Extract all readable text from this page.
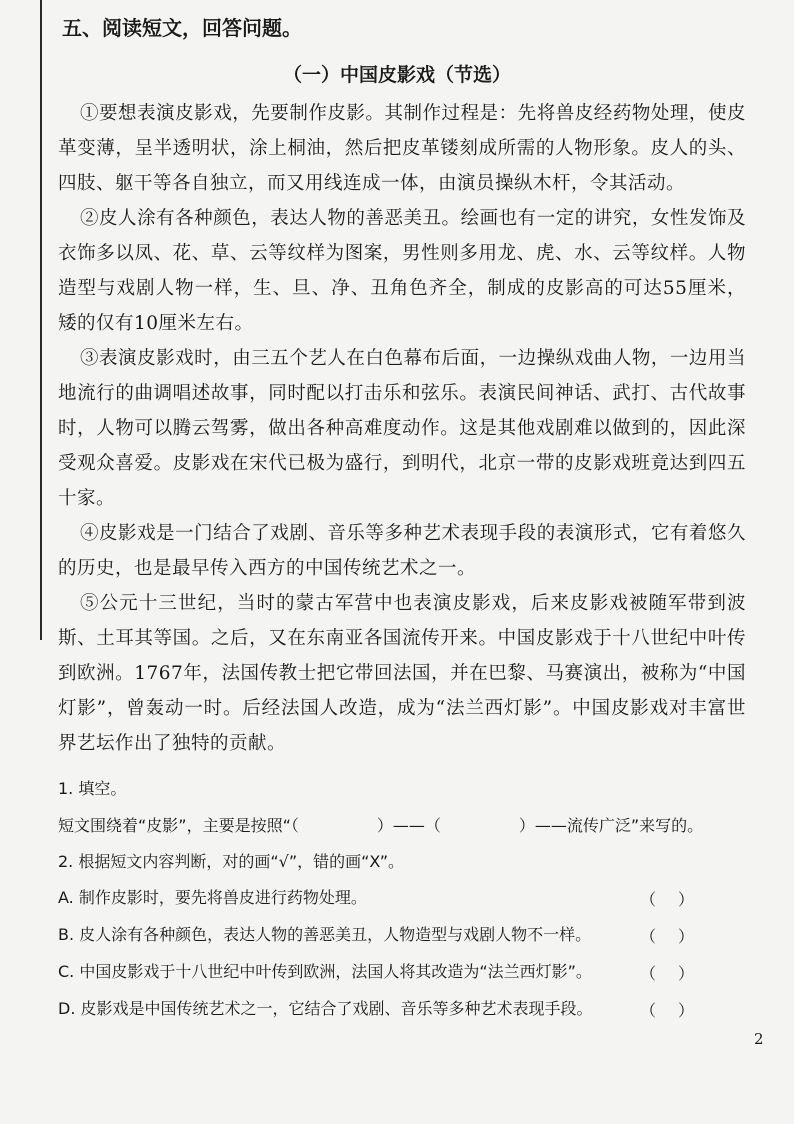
五、阅读短文，回答问题。
（一）中国皮影戏（节选）
①要想表演皮影戏，先要制作皮影。其制作过程是：先将兽皮经药物处理，使皮革变薄，呈半透明状，涂上桐油，然后把皮革镂刻成所需的人物形象。皮人的头、四肢、躯干等各自独立，而又用线连成一体，由演员操纵木杆，令其活动。
②皮人涂有各种颜色，表达人物的善恶美丑。绘画也有一定的讲究，女性发饰及衣饰多以凤、花、草、云等纹样为图案，男性则多用龙、虎、水、云等纹样。人物造型与戏剧人物一样，生、旦、净、丑角色齐全，制成的皮影高的可达55厘米，矮的仅有10厘米左右。
③表演皮影戏时，由三五个艺人在白色幕布后面，一边操纵戏曲人物，一边用当地流行的曲调唱述故事，同时配以打击乐和弦乐。表演民间神话、武打、古代故事时，人物可以腾云驾雾，做出各种高难度动作。这是其他戏剧难以做到的，因此深受观众喜爱。皮影戏在宋代已极为盛行，到明代，北京一带的皮影戏班竟达到四五十家。
④皮影戏是一门结合了戏剧、音乐等多种艺术表现手段的表演形式，它有着悠久的历史，也是最早传入西方的中国传统艺术之一。
⑤公元十三世纪，当时的蒙古军营中也表演皮影戏，后来皮影戏被随军带到波斯、土耳其等国。之后，又在东南亚各国流传开来。中国皮影戏于十八世纪中叶传到欧洲。1767年，法国传教士把它带回法国，并在巴黎、马赛演出，被称为“中国灯影”，曾轰动一时。后经法国人改造，成为“法兰西灯影”。中国皮影戏对丰富世界艺坛作出了独特的贡献。
1. 填空。
短文围绕着“皮影”，主要是按照“（	）——（	）——流传广泛”来写的。
2. 根据短文内容判断，对的画“√”，错的画“X”。
A. 制作皮影时，要先将兽皮进行药物处理。	（ ）
B. 皮人涂有各种颜色，表达人物的善恶美丑，人物造型与戏剧人物不一样。	（ ）
C. 中国皮影戏于十八世纪中叶传到欧洲，法国人将其改造为“法兰西灯影”。	（ ）
D. 皮影戏是中国传统艺术之一，它结合了戏剧、音乐等多种艺术表现手段。	（ ）
2
